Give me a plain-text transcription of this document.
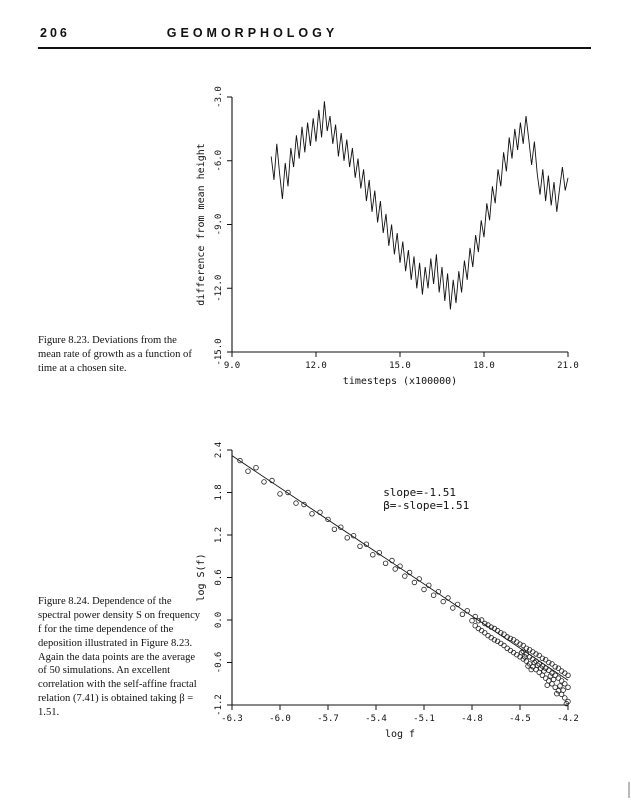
206	GEOMORPHOLOGY
9.0	12.0	15.0	18.0	21.0
-3.0
-6.0
-9.0
-12.0
-15.0
timesteps (x100000)
difference from mean height
Figure 8.23. Deviations from the mean rate of growth as a function of time at a chosen site.
-6.3	-6.0	-5.7	-5.4	-5.1	-4.8	-4.5	-4.2
2.4
1.8
1.2
0.6
0.0
-0.6
-1.2
log f
log S(f)
slope=-1.51
β=-slope=1.51
Figure 8.24. Dependence of the spectral power density S on frequency f for the time dependence of the deposition illustrated in Figure 8.23. Again the data points are the average of 50 simulations. An excellent correlation with the self-affine fractal relation (7.41) is obtained taking β = 1.51.
